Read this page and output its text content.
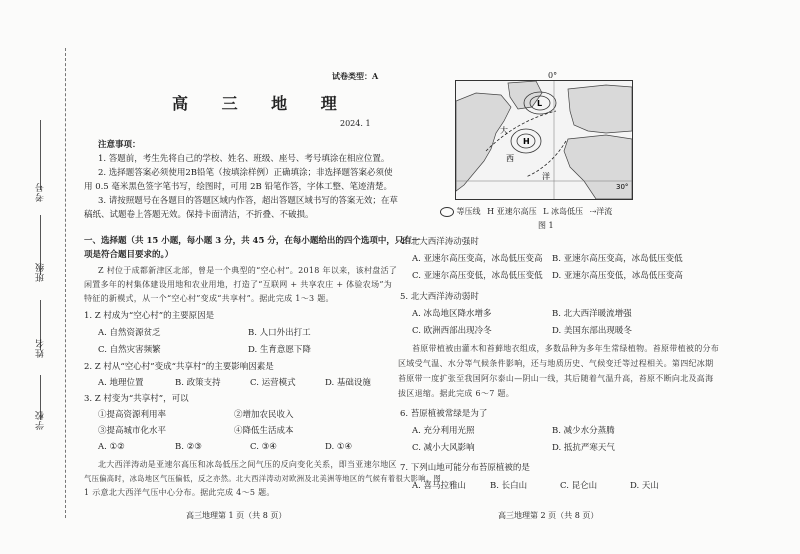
考号
班级
姓名
学校
试卷类型：A
高 三 地 理
2024. 1
注意事项：
1. 答题前，考生先将自己的学校、姓名、班级、座号、考号填涂在相应位置。
2. 选择题答案必须使用2B铅笔（按填涂样例）正确填涂；非选择题答案必须使
用 0.5 毫米黑色签字笔书写，绘图时，可用 2B 铅笔作答，字体工整、笔迹清楚。
3. 请按照题号在各题目的答题区域内作答，超出答题区域书写的答案无效；在草
稿纸、试题卷上答题无效。保持卡面清洁，不折叠、不破损。
一、选择题（共 15 小题，每小题 3 分，共 45 分，在每小题给出的四个选项中，只有一
项是符合题目要求的。）
Z 村位于成都新津区北部，曾是一个典型的“空心村”。2018 年以来，该村盘活了
闲置多年的村集体建设用地和农业用地，打造了“互联网 + 共享农庄 + 体验农场”为
特征的新模式，从一个“空心村”变成“共享村”。据此完成 1～3 题。
1. Z 村成为“空心村”的主要原因是
A. 自然资源贫乏	B. 人口外出打工
C. 自然灾害频繁	D. 生育意愿下降
2. Z 村从“空心村”变成“共享村”的主要影响因素是
A. 地理位置	B. 政策支持	C. 运营模式	D. 基础设施
3. Z 村变为“共享村”，可以
①提高资源利用率	②增加农民收入
③提高城市化水平	④降低生活成本
A. ①②	B. ②③	C. ③④	D. ①④
北大西洋涛动是亚速尔高压和冰岛低压之间气压的反向变化关系，即当亚速尔地区
气压偏高时，冰岛地区气压偏低，反之亦然。北大西洋涛动对欧洲及北美洲等地区的气候有着很大影响。图
1 示意北大西洋气压中心分布。据此完成 4～5 题。
高三地理第 1 页（共 8 页）
0°
L
H
大
西
洋
30°
等压线 H 亚速尔高压 L 冰岛低压 ⇢洋流
图 1
4. 北大西洋涛动强时
A. 亚速尔高压变高，冰岛低压变高 B. 亚速尔高压变高，冰岛低压变低
C. 亚速尔高压变低，冰岛低压变低 D. 亚速尔高压变低，冰岛低压变高
5. 北大西洋涛动弱时
A. 冰岛地区降水增多	B. 北大西洋暖流增强
C. 欧洲西部出现冷冬	D. 美国东部出现暖冬
苔原带植被由灌木和苔藓地衣组成，多数品种为多年生常绿植物。苔原带植被的分布
区域受气温、水分等气候条件影响，还与地质历史、气候变迁等过程相关。第四纪冰期
苔原带一度扩张至我国阿尔泰山—阴山一线，其后随着气温升高，苔原不断向北及高海
拔区退缩。据此完成 6～7 题。
6. 苔原植被常绿是为了
A. 充分利用光照	B. 减少水分蒸腾
C. 减小大风影响	D. 抵抗严寒天气
7. 下列山地可能分布苔原植被的是
A. 喜马拉雅山	B. 长白山	C. 昆仑山	D. 天山
高三地理第 2 页（共 8 页）
